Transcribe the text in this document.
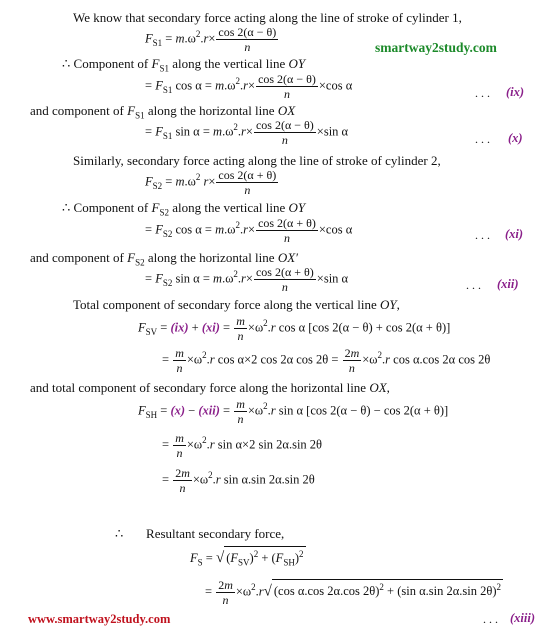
smartway2study.com
www.smartway2study.com
We know that secondary force acting along the line of stroke of cylinder 1,
$F_{S1} = m.\omega^2.r\times \frac{\cos 2(\alpha - \theta)}{n}$
∴ Component of $F_{S1}$ along the vertical line OY
= $F_{S1}$ $\cos \alpha = m.\omega^2.r\times \frac{\cos 2(\alpha - \theta)}{n} \times\cos$ α
. . . (ix)
and component of $F_{S1}$ along the horizontal line OX
= $F_{S1}$ $\sin \alpha = m.\omega^2.r\times \frac{\cos 2(\alpha - \theta)}{n} \times\sin$ α
. . . (x)
Similarly, secondary force acting along the line of stroke of cylinder 2,
$F_{S2} = m.\omega^2$ $r\times \frac{\cos 2(\alpha + \theta)}{n}$
∴ Component of $F_{S2}$ along the vertical line OY
= $F_{S2}$ $\cos \alpha = m.\omega^2.r\times \frac{\cos 2(\alpha + \theta)}{n} \times\cos$ α	. . . (xi)
and component of $F_{S2}$ along the horizontal line OX′
= $F_{S2}$ $\sin \alpha = m.\omega^2.r\times \frac{\cos 2(\alpha + \theta)}{n} \times\sin$ α	. . . (xii)
Total component of secondary force along the vertical line OY,
$F_{SV} = (ix) + (xi) = \frac{m}{n} \times\omega^2.r$ cos α [cos 2(α − θ) + cos 2(α + θ)]
= $\frac{m}{n} \times\omega^2.r$ cos α×2 cos 2α $\cos 2\theta = \frac{2m}{n} \times\omega^2.r$ cos α.cos 2α cos 2θ
and total component of secondary force along the horizontal line OX,
$F_{SH} = (x) - (xii) = \frac{m}{n} \times\omega^2.r$ sin α [cos 2(α − θ) − cos 2(α + θ)]
= $\frac{m}{n} \times\omega^2.r$ sin α×2 sin 2α.sin 2θ
= $\frac{2m}{n} \times\omega^2.r$ sin α.sin 2α.sin 2θ
∴       Resultant secondary force,
$F_S$ = √ $(F_{SV})^2 + (F_{SH})^2$
= $\frac{2m}{n} \times\omega^2.r√$ (cos α.cos 2α.cos 2θ)$^2$ + (sin α.sin 2α.sin 2θ)$^2$
. . . (xiii)
